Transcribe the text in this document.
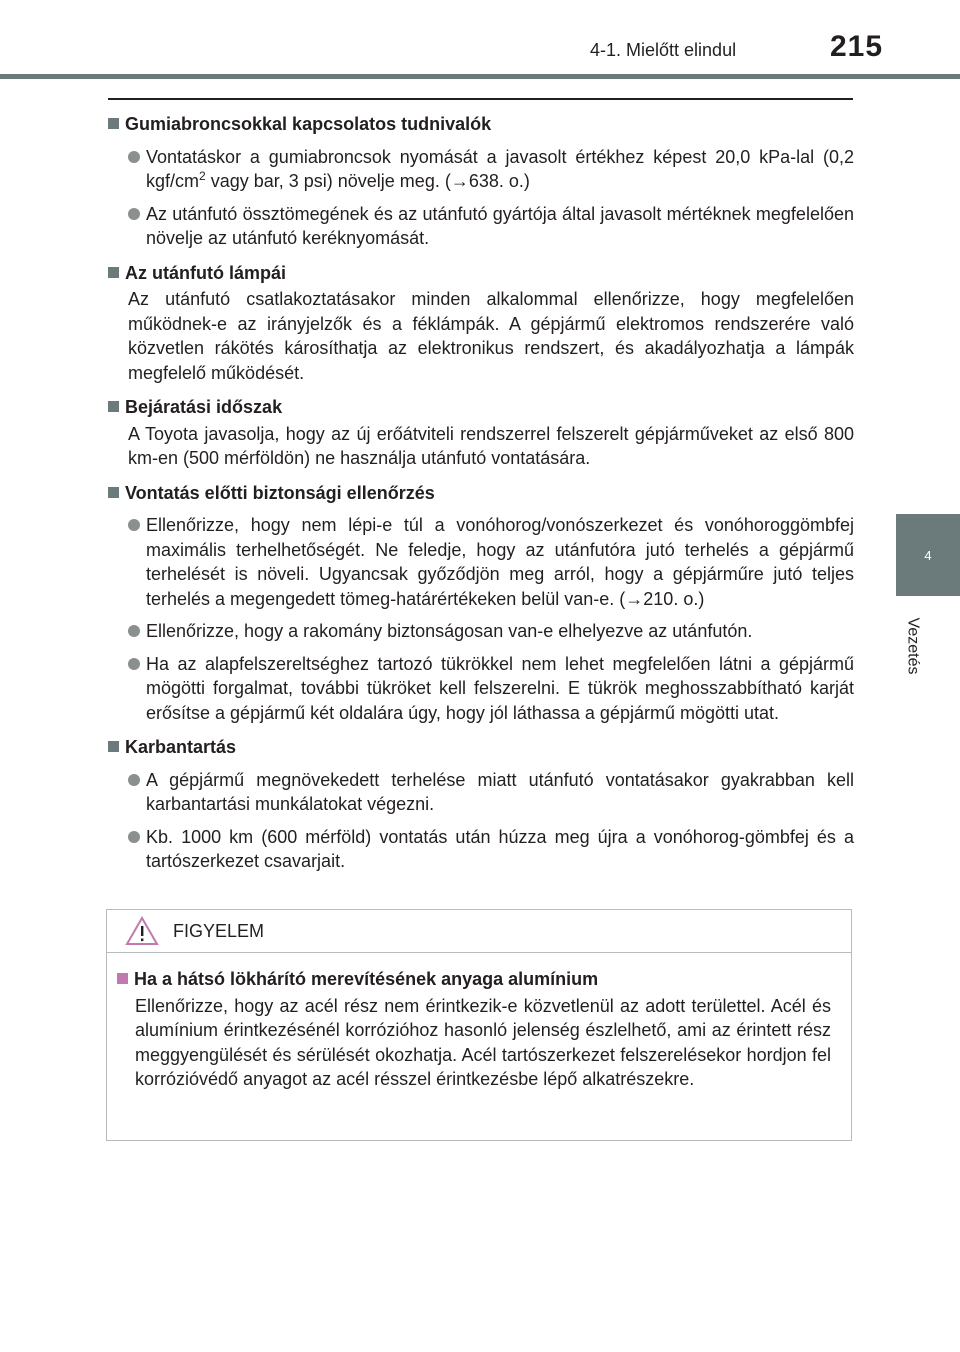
4-1. Mielőtt elindul	215
4
Vezetés
Gumiabroncsokkal kapcsolatos tudnivalók
Vontatáskor a gumiabroncsok nyomását a javasolt értékhez képest 20,0 kPa-lal (0,2 kgf/$cm^2$ vagy bar, 3 psi) növelje meg. (→638. o.)
Az utánfutó össztömegének és az utánfutó gyártója által javasolt mértéknek megfelelően növelje az utánfutó keréknyomását.
Az utánfutó lámpái
Az utánfutó csatlakoztatásakor minden alkalommal ellenőrizze, hogy megfelelően működnek-e az irányjelzők és a féklámpák. A gépjármű elektromos rendszerére való közvetlen rákötés károsíthatja az elektronikus rendszert, és akadályozhatja a lámpák megfelelő működését.
Bejáratási időszak
A Toyota javasolja, hogy az új erőátviteli rendszerrel felszerelt gépjárműveket az első 800 km-en (500 mérföldön) ne használja utánfutó vontatására.
Vontatás előtti biztonsági ellenőrzés
Ellenőrizze, hogy nem lépi-e túl a vonóhorog/vonószerkezet és vonóhoroggömbfej maximális terhelhetőségét. Ne feledje, hogy az utánfutóra jutó terhelés a gépjármű terhelését is növeli. Ugyancsak győződjön meg arról, hogy a gépjárműre jutó teljes terhelés a megengedett tömeg-határértékeken belül van-e. (→210. o.)
Ellenőrizze, hogy a rakomány biztonságosan van-e elhelyezve az utánfutón.
Ha az alapfelszereltséghez tartozó tükrökkel nem lehet megfelelően látni a gépjármű mögötti forgalmat, további tükröket kell felszerelni. E tükrök meghosszabbítható karját erősítse a gépjármű két oldalára úgy, hogy jól láthassa a gépjármű mögötti utat.
Karbantartás
A gépjármű megnövekedett terhelése miatt utánfutó vontatásakor gyakrabban kell karbantartási munkálatokat végezni.
Kb. 1000 km (600 mérföld) vontatás után húzza meg újra a vonóhorog-gömbfej és a tartószerkezet csavarjait.
FIGYELEM
Ha a hátsó lökhárító merevítésének anyaga alumínium
Ellenőrizze, hogy az acél rész nem érintkezik-e közvetlenül az adott területtel. Acél és alumínium érintkezésénél korrózióhoz hasonló jelenség észlelhető, ami az érintett rész meggyengülését és sérülését okozhatja. Acél tartószerkezet felszerelésekor hordjon fel korrózióvédő anyagot az acél résszel érintkezésbe lépő alkatrészekre.
